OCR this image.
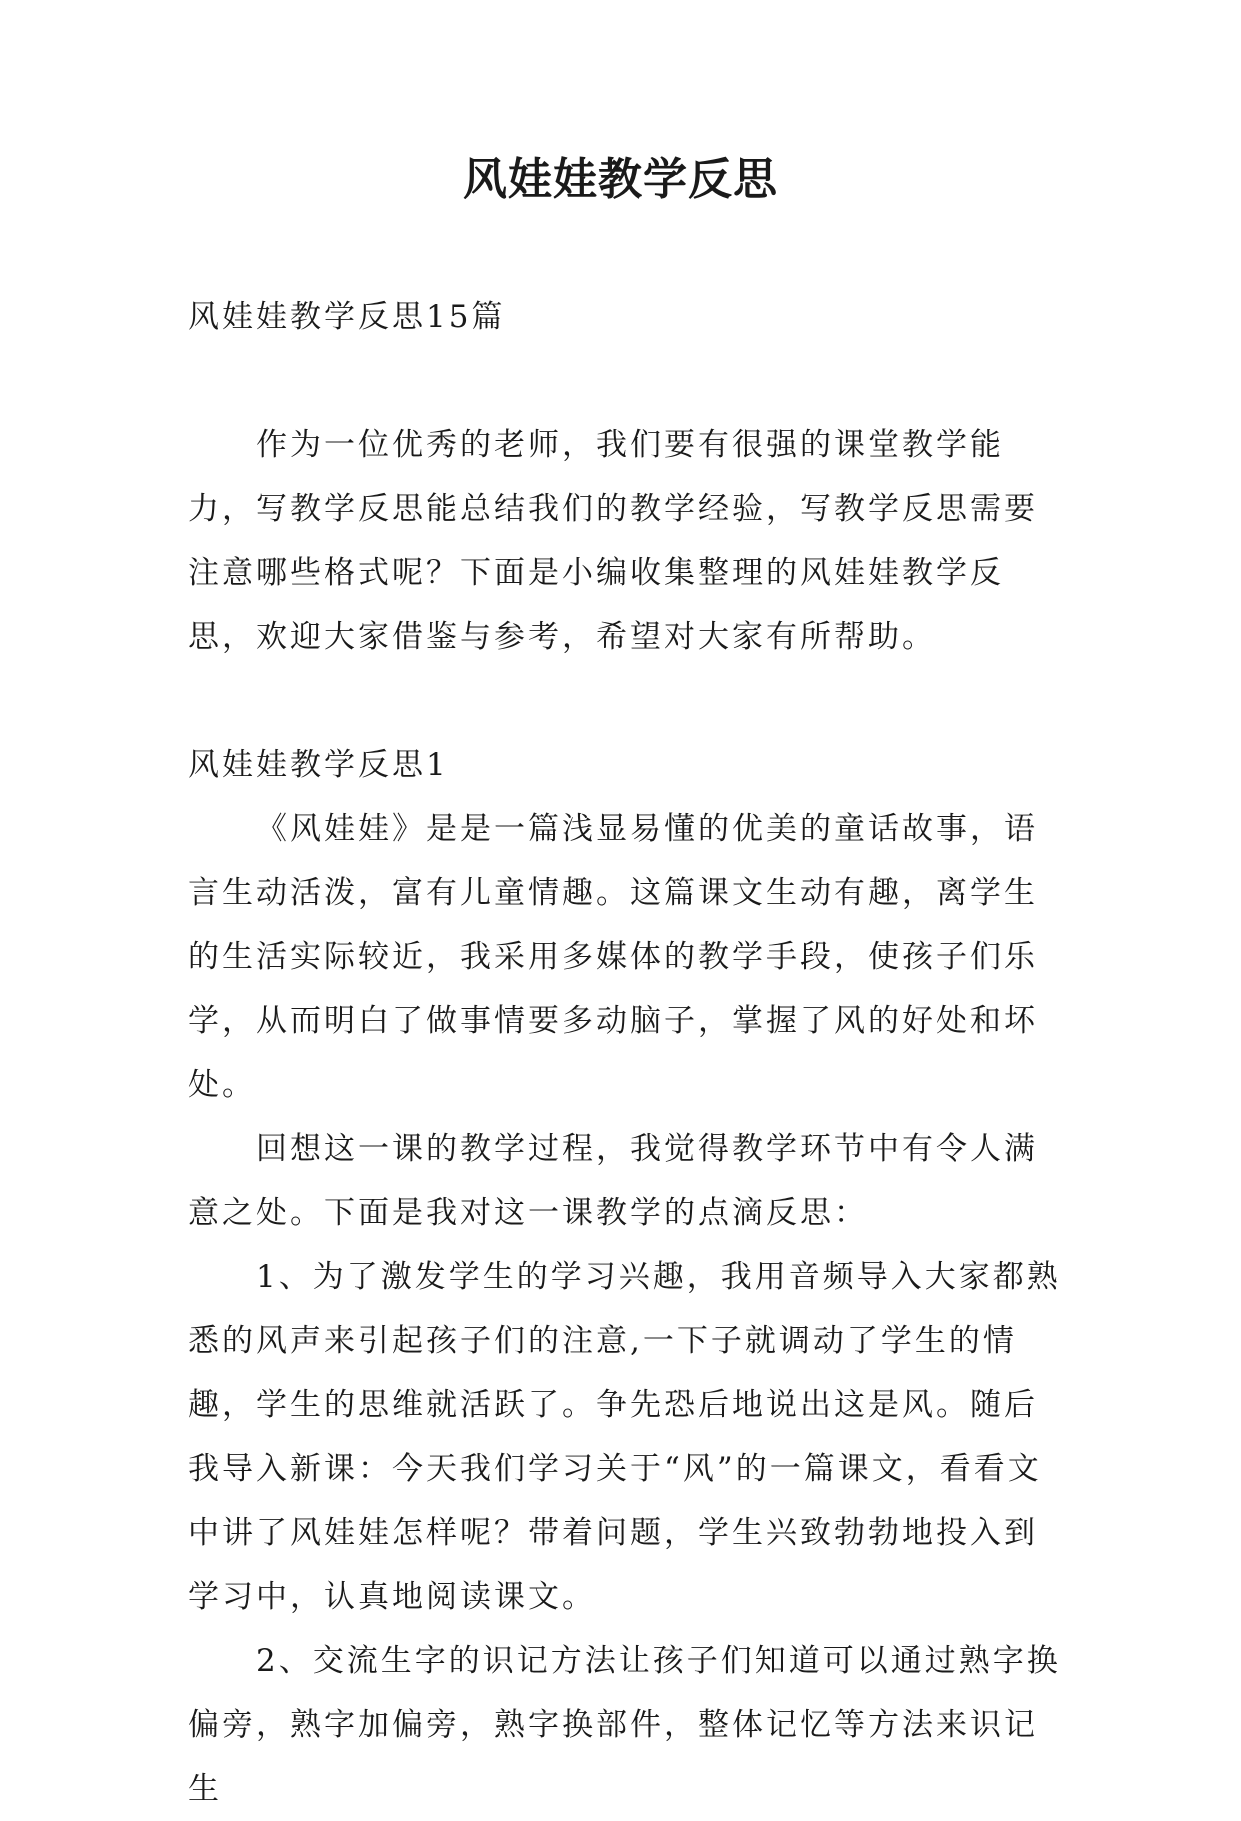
风娃娃教学反思

风娃娃教学反思15篇

作为一位优秀的老师，我们要有很强的课堂教学能力，写教学反思能总结我们的教学经验，写教学反思需要注意哪些格式呢？下面是小编收集整理的风娃娃教学反思，欢迎大家借鉴与参考，希望对大家有所帮助。

风娃娃教学反思1

《风娃娃》是是一篇浅显易懂的优美的童话故事，语言生动活泼，富有儿童情趣。这篇课文生动有趣，离学生的生活实际较近，我采用多媒体的教学手段，使孩子们乐学，从而明白了做事情要多动脑子，掌握了风的好处和坏处。

回想这一课的教学过程，我觉得教学环节中有令人满意之处。下面是我对这一课教学的点滴反思：

1、为了激发学生的学习兴趣，我用音频导入大家都熟悉的风声来引起孩子们的注意,一下子就调动了学生的情趣，学生的思维就活跃了。争先恐后地说出这是风。随后我导入新课：今天我们学习关于“风”的一篇课文，看看文中讲了风娃娃怎样呢？带着问题，学生兴致勃勃地投入到学习中，认真地阅读课文。

2、交流生字的识记方法让孩子们知道可以通过熟字换偏旁，熟字加偏旁，熟字换部件，整体记忆等方法来识记生
